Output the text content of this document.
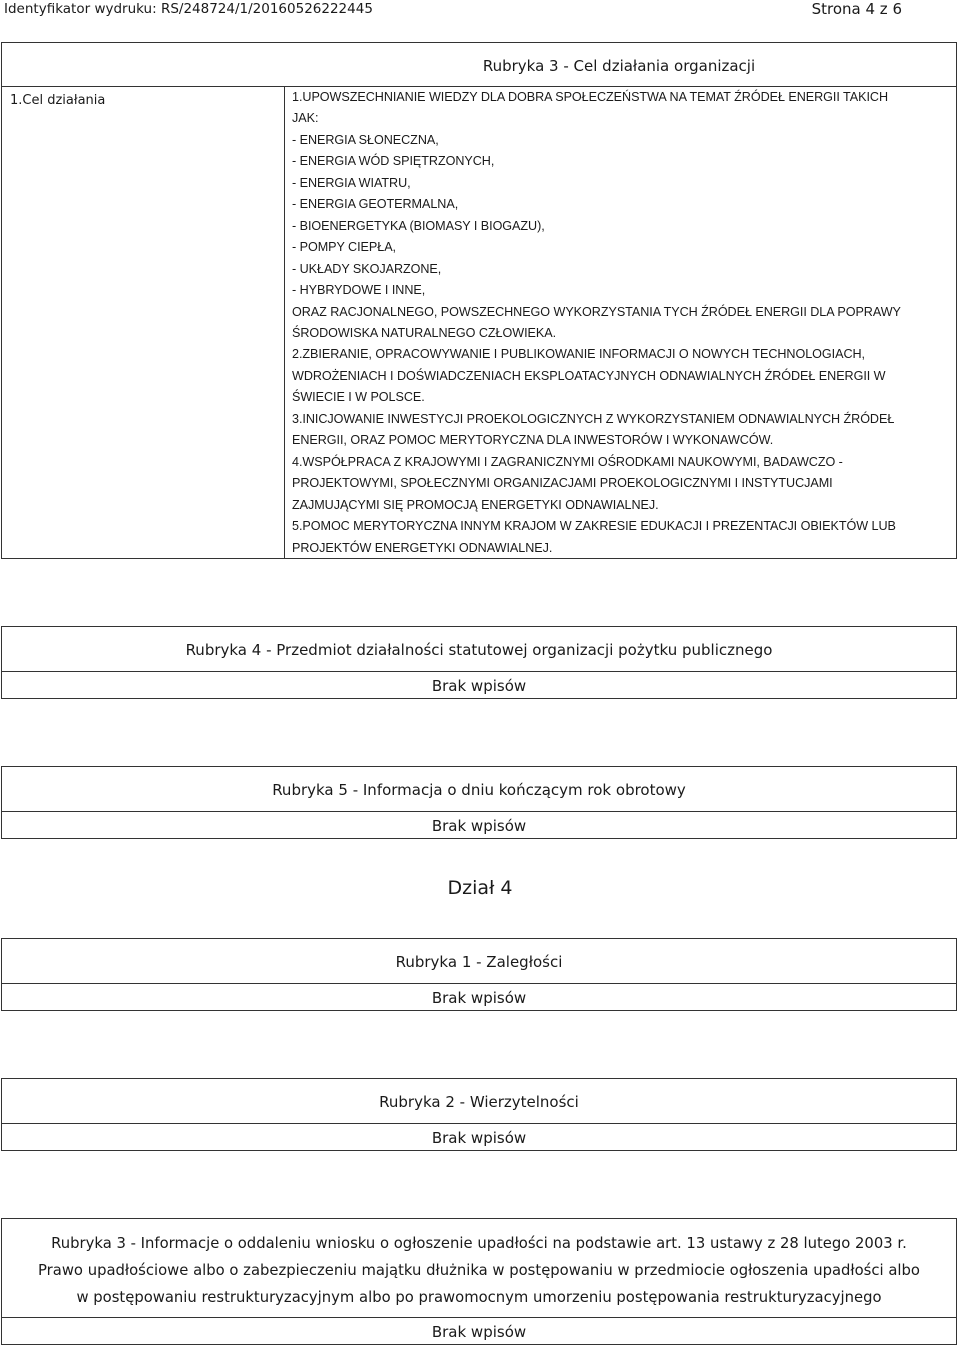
Identyfikator wydruku: RS/248724/1/20160526222445	Strona 4 z 6
Rubryka 3 - Cel działania organizacji
1.Cel działania	1.UPOWSZECHNIANIE WIEDZY DLA DOBRA SPOŁECZEŃSTWA NA TEMAT ŹRÓDEŁ ENERGII TAKICH
JAK:
- ENERGIA SŁONECZNA,
- ENERGIA WÓD SPIĘTRZONYCH,
- ENERGIA WIATRU,
- ENERGIA GEOTERMALNA,
- BIOENERGETYKA (BIOMASY I BIOGAZU),
- POMPY CIEPŁA,
- UKŁADY SKOJARZONE,
- HYBRYDOWE I INNE,
ORAZ RACJONALNEGO, POWSZECHNEGO WYKORZYSTANIA TYCH ŹRÓDEŁ ENERGII DLA POPRAWY
ŚRODOWISKA NATURALNEGO CZŁOWIEKA.
2.ZBIERANIE, OPRACOWYWANIE I PUBLIKOWANIE INFORMACJI O NOWYCH TECHNOLOGIACH,
WDROŻENIACH I DOŚWIADCZENIACH EKSPLOATACYJNYCH ODNAWIALNYCH ŹRÓDEŁ ENERGII W
ŚWIECIE I W POLSCE.
3.INICJOWANIE INWESTYCJI PROEKOLOGICZNYCH Z WYKORZYSTANIEM ODNAWIALNYCH ŹRÓDEŁ
ENERGII, ORAZ POMOC MERYTORYCZNA DLA INWESTORÓW I WYKONAWCÓW.
4.WSPÓŁPRACA Z KRAJOWYMI I ZAGRANICZNYMI OŚRODKAMI NAUKOWYMI, BADAWCZO -
PROJEKTOWYMI, SPOŁECZNYMI ORGANIZACJAMI PROEKOLOGICZNYMI I INSTYTUCJAMI
ZAJMUJĄCYMI SIĘ PROMOCJĄ ENERGETYKI ODNAWIALNEJ.
5.POMOC MERYTORYCZNA INNYM KRAJOM W ZAKRESIE EDUKACJI I PREZENTACJI OBIEKTÓW LUB
PROJEKTÓW ENERGETYKI ODNAWIALNEJ.
Rubryka 4 - Przedmiot działalności statutowej organizacji pożytku publicznego
Brak wpisów
Rubryka 5 - Informacja o dniu kończącym rok obrotowy
Brak wpisów
Dział 4
Rubryka 1 - Zaległości
Brak wpisów
Rubryka 2 - Wierzytelności
Brak wpisów
Rubryka 3 - Informacje o oddaleniu wniosku o ogłoszenie upadłości na podstawie art. 13 ustawy z 28 lutego 2003 r.
Prawo upadłościowe albo o zabezpieczeniu majątku dłużnika w postępowaniu w przedmiocie ogłoszenia upadłości albo
w postępowaniu restrukturyzacyjnym albo po prawomocnym umorzeniu postępowania restrukturyzacyjnego
Brak wpisów
